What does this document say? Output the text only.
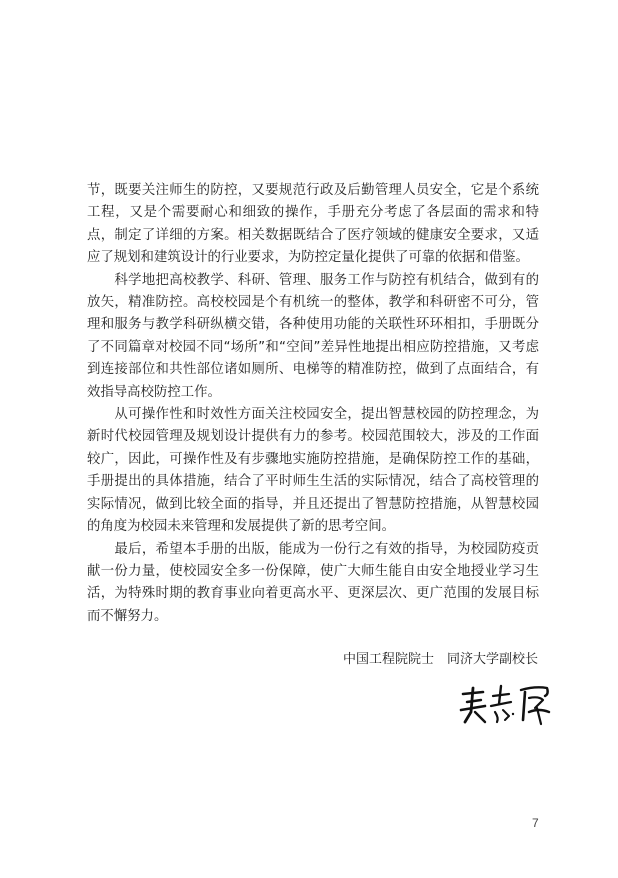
节，既要关注师生的防控，又要规范行政及后勤管理人员安全，它是个系统工程，又是个需要耐心和细致的操作，手册充分考虑了各层面的需求和特点，制定了详细的方案。相关数据既结合了医疗领域的健康安全要求，又适应了规划和建筑设计的行业要求，为防控定量化提供了可靠的依据和借鉴。

　　科学地把高校教学、科研、管理、服务工作与防控有机结合，做到有的放矢，精准防控。高校校园是个有机统一的整体，教学和科研密不可分，管理和服务与教学科研纵横交错，各种使用功能的关联性环环相扣，手册既分了不同篇章对校园不同“场所”和“空间”差异性地提出相应防控措施，又考虑到连接部位和共性部位诸如厕所、电梯等的精准防控，做到了点面结合，有效指导高校防控工作。

　　从可操作性和时效性方面关注校园安全，提出智慧校园的防控理念，为新时代校园管理及规划设计提供有力的参考。校园范围较大，涉及的工作面较广，因此，可操作性及有步骤地实施防控措施，是确保防控工作的基础，手册提出的具体措施，结合了平时师生生活的实际情况，结合了高校管理的实际情况，做到比较全面的指导，并且还提出了智慧防控措施，从智慧校园的角度为校园未来管理和发展提供了新的思考空间。

　　最后，希望本手册的出版，能成为一份行之有效的指导，为校园防疫贡献一份力量，使校园安全多一份保障，使广大师生能自由安全地授业学习生活，为特殊时期的教育事业向着更高水平、更深层次、更广范围的发展目标而不懈努力。

中国工程院院士　同济大学副校长
7
